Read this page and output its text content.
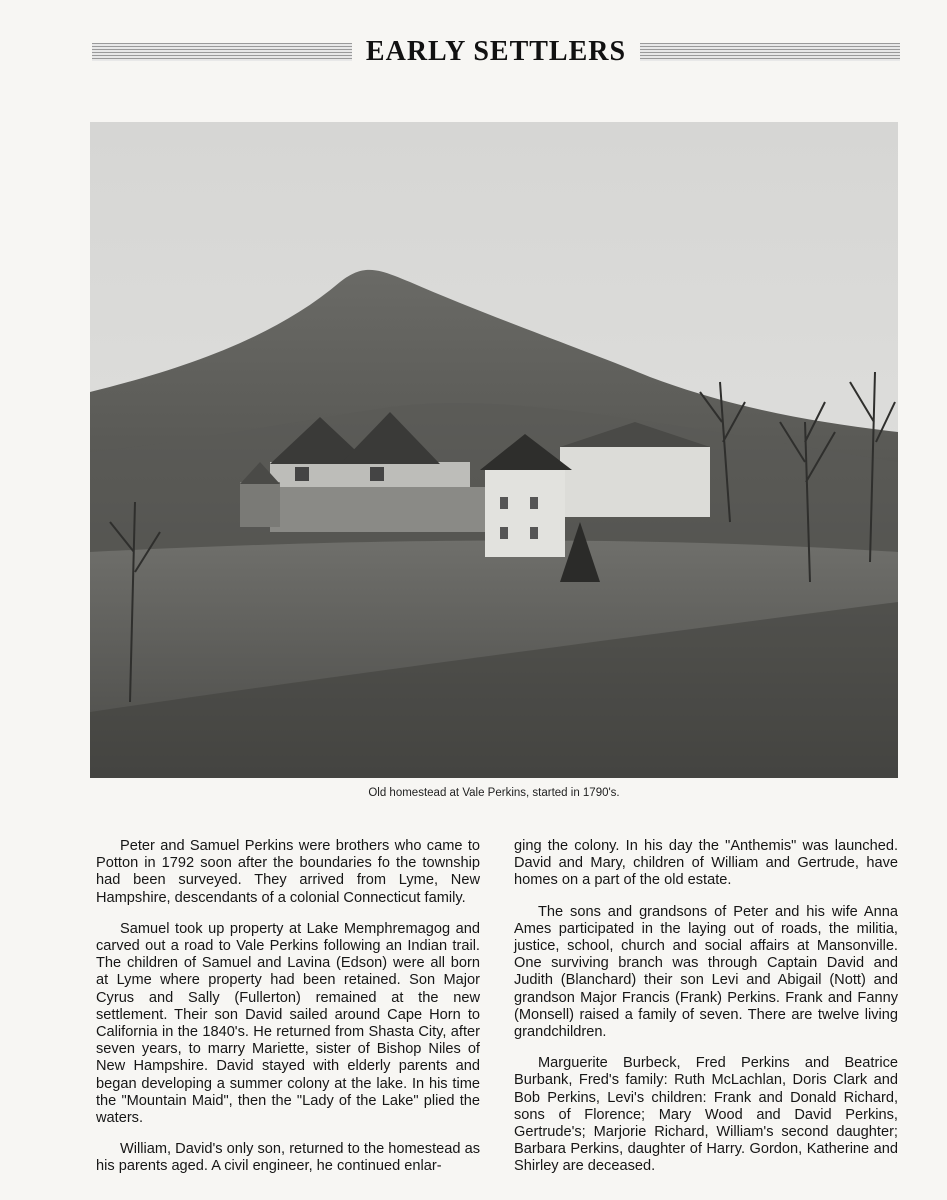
EARLY SETTLERS
Old homestead at Vale Perkins, started in 1790's.

Peter and Samuel Perkins were brothers who came to Potton in 1792 soon after the boundaries fo the township had been surveyed. They arrived from Lyme, New Hampshire, descendants of a colonial Connecticut family.

Samuel took up property at Lake Memphremagog and carved out a road to Vale Perkins following an Indian trail. The children of Samuel and Lavina (Edson) were all born at Lyme where property had been retained. Son Major Cyrus and Sally (Fullerton) remained at the new settlement. Their son David sailed around Cape Horn to California in the 1840's. He returned from Shasta City, after seven years, to marry Mariette, sister of Bishop Niles of New Hampshire. David stayed with elderly parents and began developing a summer colony at the lake. In his time the "Mountain Maid", then the "Lady of the Lake" plied the waters.

William, David's only son, returned to the homestead as his parents aged. A civil engineer, he continued enlar-

ging the colony. In his day the "Anthemis" was launched. David and Mary, children of William and Gertrude, have homes on a part of the old estate.

The sons and grandsons of Peter and his wife Anna Ames participated in the laying out of roads, the militia, justice, school, church and social affairs at Mansonville. One surviving branch was through Captain David and Judith (Blanchard) their son Levi and Abigail (Nott) and grandson Major Francis (Frank) Perkins. Frank and Fanny (Monsell) raised a family of seven. There are twelve living grandchildren.

Marguerite Burbeck, Fred Perkins and Beatrice Burbank, Fred's family: Ruth McLachlan, Doris Clark and Bob Perkins, Levi's children: Frank and Donald Richard, sons of Florence; Mary Wood and David Perkins, Gertrude's; Marjorie Richard, William's second daughter; Barbara Perkins, daughter of Harry. Gordon, Katherine and Shirley are deceased.
